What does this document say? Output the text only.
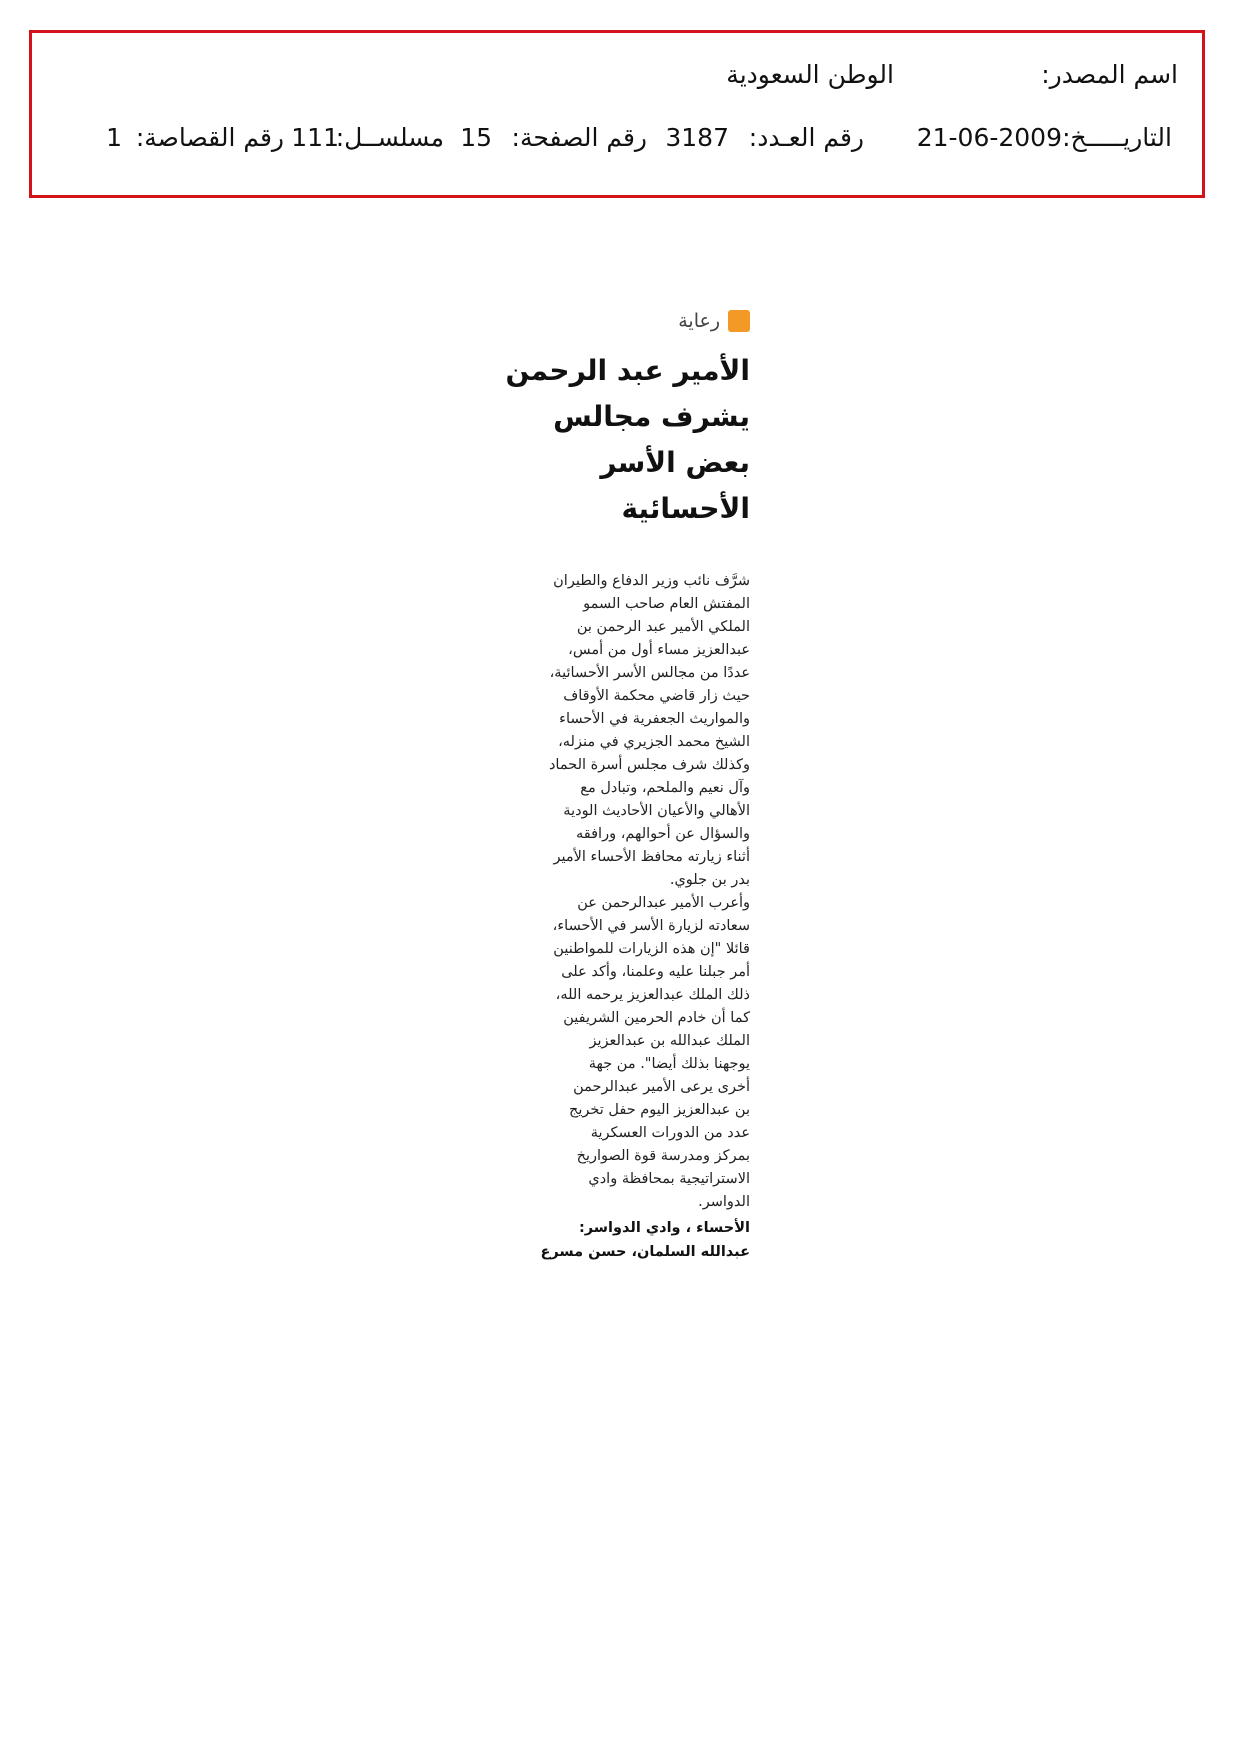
اسم المصدر:
الوطن السعودية
التاريـــــخ:
21-06-2009
رقم العـدد:
3187
رقم الصفحة:
15
مسلســل:
111
رقم القصاصة:
1
رعاية
الأمير عبد الرحمن
يشرف مجالس
بعض الأسر
الأحسائية
شرَّف نائب وزير الدفاع والطيران
المفتش العام صاحب السمو
الملكي الأمير عبد الرحمن بن
عبدالعزيز مساء أول من أمس،
عددًا من مجالس الأسر الأحسائية،
حيث زار قاضي محكمة الأوقاف
والمواريث الجعفرية في الأحساء
الشيخ محمد الجزيري في منزله،
وكذلك شرف مجلس أسرة الحماد
وآل نعيم والملحم، وتبادل مع
الأهالي والأعيان الأحاديث الودية
والسؤال عن أحوالهم، ورافقه
أثناء زيارته محافظ الأحساء الأمير
بدر بن جلوي.
وأعرب الأمير عبدالرحمن عن
سعادته لزيارة الأسر في الأحساء،
قائلا "إن هذه الزيارات للمواطنين
أمر جبلنا عليه وعلمنا، وأكد على
ذلك الملك عبدالعزيز يرحمه الله،
كما أن خادم الحرمين الشريفين
الملك عبدالله بن عبدالعزيز
يوجهنا بذلك أيضا". من جهة
أخرى يرعى الأمير عبدالرحمن
بن عبدالعزيز اليوم حفل تخريج
عدد من الدورات العسكرية
بمركز ومدرسة قوة الصواريخ
الاستراتيجية بمحافظة وادي
الدواسر.
الأحساء ، وادي الدواسر:
عبدالله السلمان، حسن مسرع
